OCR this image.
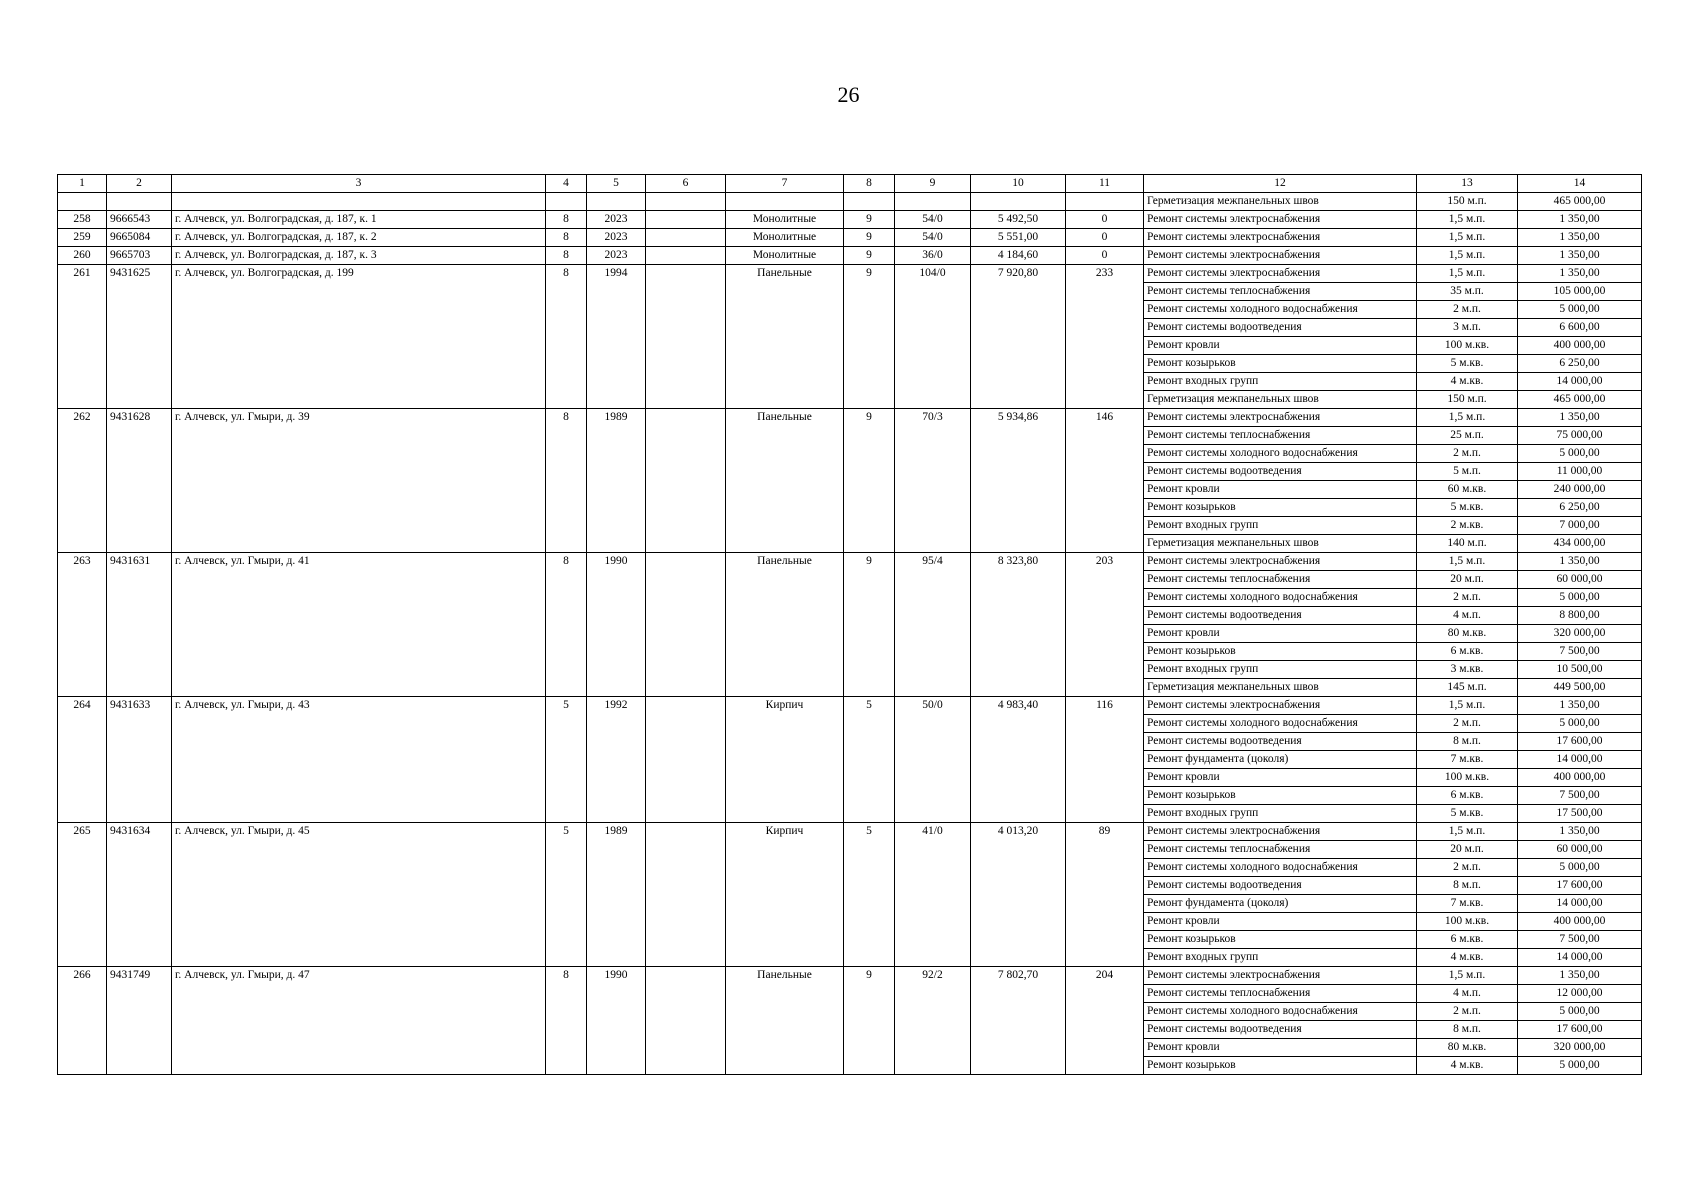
26
1	2	3	4	5	6	7	8	9	10	11	12	13	14
											Герметизация межпанельных швов	150 м.п.	465 000,00
258	9666543	г. Алчевск, ул. Волгоградская, д. 187, к. 1	8	2023		Монолитные	9	54/0	5 492,50	0	Ремонт системы электроснабжения	1,5 м.п.	1 350,00
259	9665084	г. Алчевск, ул. Волгоградская, д. 187, к. 2	8	2023		Монолитные	9	54/0	5 551,00	0	Ремонт системы электроснабжения	1,5 м.п.	1 350,00
260	9665703	г. Алчевск, ул. Волгоградская, д. 187, к. 3	8	2023		Монолитные	9	36/0	4 184,60	0	Ремонт системы электроснабжения	1,5 м.п.	1 350,00
261	9431625	г. Алчевск, ул. Волгоградская, д. 199	8	1994		Панельные	9	104/0	7 920,80	233	Ремонт системы электроснабжения	1,5 м.п.	1 350,00
											Ремонт системы теплоснабжения	35 м.п.	105 000,00
											Ремонт системы холодного водоснабжения	2 м.п.	5 000,00
											Ремонт системы водоотведения	3 м.п.	6 600,00
											Ремонт кровли	100 м.кв.	400 000,00
											Ремонт козырьков	5 м.кв.	6 250,00
											Ремонт входных групп	4 м.кв.	14 000,00
											Герметизация межпанельных швов	150 м.п.	465 000,00
262	9431628	г. Алчевск, ул. Гмыри, д. 39	8	1989		Панельные	9	70/3	5 934,86	146	Ремонт системы электроснабжения	1,5 м.п.	1 350,00
											Ремонт системы теплоснабжения	25 м.п.	75 000,00
											Ремонт системы холодного водоснабжения	2 м.п.	5 000,00
											Ремонт системы водоотведения	5 м.п.	11 000,00
											Ремонт кровли	60 м.кв.	240 000,00
											Ремонт козырьков	5 м.кв.	6 250,00
											Ремонт входных групп	2 м.кв.	7 000,00
											Герметизация межпанельных швов	140 м.п.	434 000,00
263	9431631	г. Алчевск, ул. Гмыри, д. 41	8	1990		Панельные	9	95/4	8 323,80	203	Ремонт системы электроснабжения	1,5 м.п.	1 350,00
											Ремонт системы теплоснабжения	20 м.п.	60 000,00
											Ремонт системы холодного водоснабжения	2 м.п.	5 000,00
											Ремонт системы водоотведения	4 м.п.	8 800,00
											Ремонт кровли	80 м.кв.	320 000,00
											Ремонт козырьков	6 м.кв.	7 500,00
											Ремонт входных групп	3 м.кв.	10 500,00
											Герметизация межпанельных швов	145 м.п.	449 500,00
264	9431633	г. Алчевск, ул. Гмыри, д. 43	5	1992		Кирпич	5	50/0	4 983,40	116	Ремонт системы электроснабжения	1,5 м.п.	1 350,00
											Ремонт системы холодного водоснабжения	2 м.п.	5 000,00
											Ремонт системы водоотведения	8 м.п.	17 600,00
											Ремонт фундамента (цоколя)	7 м.кв.	14 000,00
											Ремонт кровли	100 м.кв.	400 000,00
											Ремонт козырьков	6 м.кв.	7 500,00
											Ремонт входных групп	5 м.кв.	17 500,00
265	9431634	г. Алчевск, ул. Гмыри, д. 45	5	1989		Кирпич	5	41/0	4 013,20	89	Ремонт системы электроснабжения	1,5 м.п.	1 350,00
											Ремонт системы теплоснабжения	20 м.п.	60 000,00
											Ремонт системы холодного водоснабжения	2 м.п.	5 000,00
											Ремонт системы водоотведения	8 м.п.	17 600,00
											Ремонт фундамента (цоколя)	7 м.кв.	14 000,00
											Ремонт кровли	100 м.кв.	400 000,00
											Ремонт козырьков	6 м.кв.	7 500,00
											Ремонт входных групп	4 м.кв.	14 000,00
266	9431749	г. Алчевск, ул. Гмыри, д. 47	8	1990		Панельные	9	92/2	7 802,70	204	Ремонт системы электроснабжения	1,5 м.п.	1 350,00
											Ремонт системы теплоснабжения	4 м.п.	12 000,00
											Ремонт системы холодного водоснабжения	2 м.п.	5 000,00
											Ремонт системы водоотведения	8 м.п.	17 600,00
											Ремонт кровли	80 м.кв.	320 000,00
											Ремонт козырьков	4 м.кв.	5 000,00
